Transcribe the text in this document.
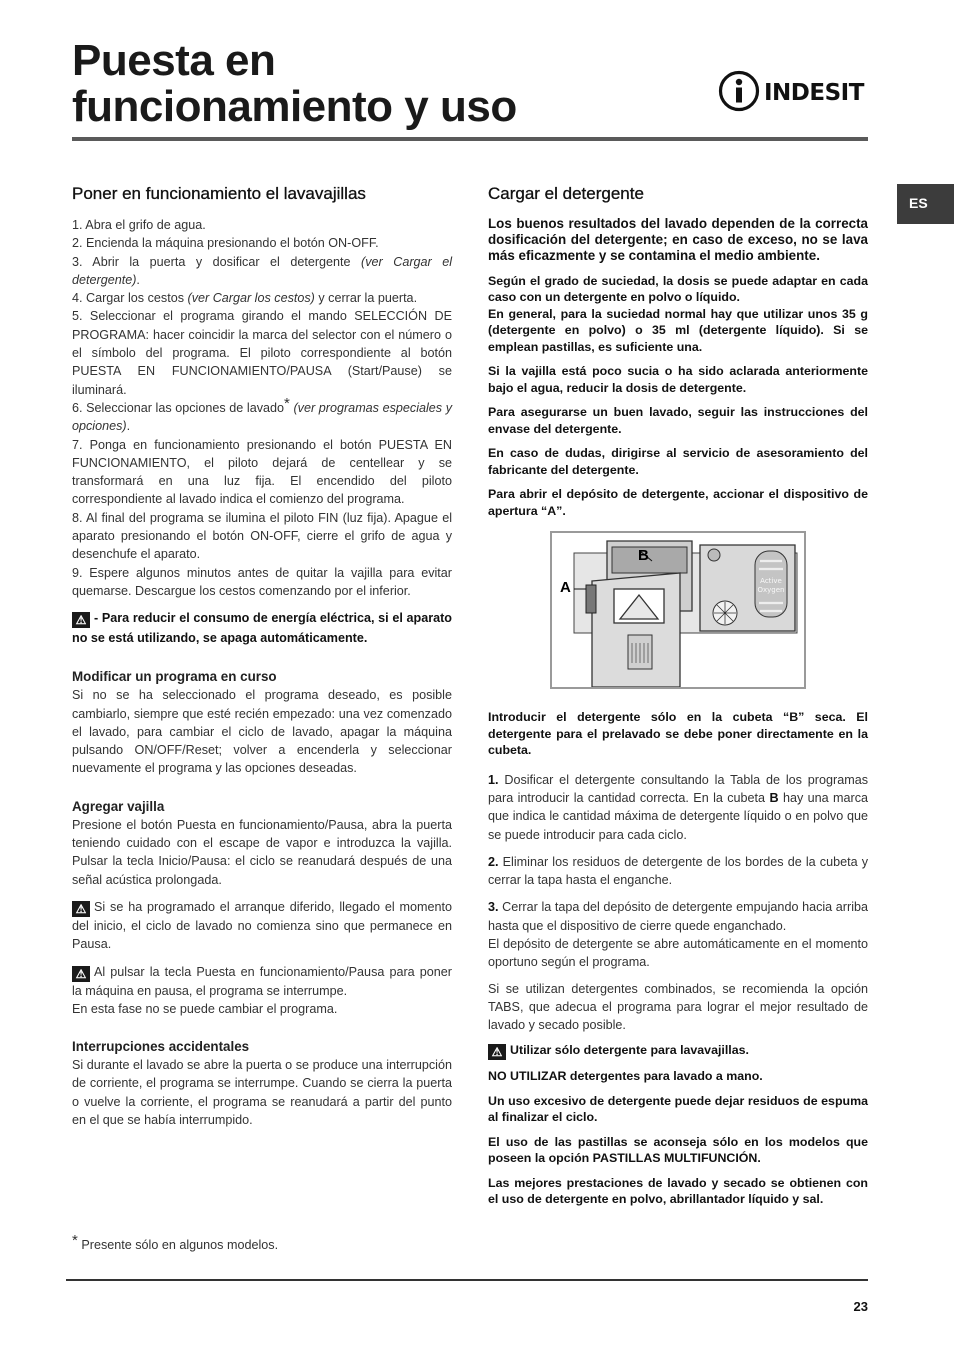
Puesta en
funcionamiento y uso	INDESIT
ES
Poner en funcionamiento el lavavajillas

1. Abra el grifo de agua.

2. Encienda la máquina presionando el botón ON-OFF.

3. Abrir la puerta y dosificar el detergente (ver Cargar el detergente).

4. Cargar los cestos (ver Cargar los cestos) y cerrar la puerta.

5. Seleccionar el programa girando el mando SELECCIÓN DE PROGRAMA: hacer coincidir la marca del selector con el número o el símbolo del programa. El piloto correspondiente al botón PUESTA EN FUNCIONAMIENTO/PAUSA (Start/Pause) se iluminará.

6. Seleccionar las opciones de lavado* (ver programas especiales y opciones).

7. Ponga en funcionamiento presionando el botón PUESTA EN FUNCIONAMIENTO, el piloto dejará de centellear y se transformará en una luz fija. El encendido del piloto correspondiente al lavado indica el comienzo del programa.

8. Al final del programa se ilumina el piloto FIN (luz fija). Apague el aparato presionando el botón ON-OFF, cierre el grifo de agua y desenchufe el aparato.

9. Espere algunos minutos antes de quitar la vajilla para evitar quemarse. Descargue los cestos comenzando por el inferior.

⚠ - Para reducir el consumo de energía eléctrica, si el aparato no se está utilizando, se apaga automáticamente.

Modificar un programa en curso

Si no se ha seleccionado el programa deseado, es posible cambiarlo, siempre que esté recién empezado: una vez comenzado el lavado, para cambiar el ciclo de lavado, apagar la máquina pulsando ON/OFF/Reset; volver a encenderla y seleccionar nuevamente el programa y las opciones deseadas.

Agregar vajilla

Presione el botón Puesta en funcionamiento/Pausa, abra la puerta teniendo cuidado con el escape de vapor e introduzca la vajilla. Pulsar la tecla Inicio/Pausa: el ciclo se reanudará después de una señal acústica prolongada.

⚠ Si se ha programado el arranque diferido, llegado el momento del inicio, el ciclo de lavado no comienza sino que permanece en Pausa.

⚠ Al pulsar la tecla Puesta en funcionamiento/Pausa para poner la máquina en pausa, el programa se interrumpe.

En esta fase no se puede cambiar el programa.

Interrupciones accidentales

Si durante el lavado se abre la puerta o se produce una interrupción de corriente, el programa se interrumpe. Cuando se cierra la puerta o vuelve la corriente, el programa se reanudará a partir del punto en el que se había interrumpido.

* Presente sólo en algunos modelos.
Cargar el detergente

Los buenos resultados del lavado dependen de la correcta dosificación del detergente; en caso de exceso, no se lava más eficazmente y se contamina el medio ambiente.

Según el grado de suciedad, la dosis se puede adaptar en cada caso con un detergente en polvo o líquido.

En general, para la suciedad normal hay que utilizar unos 35 g (detergente en polvo) o 35 ml (detergente líquido). Si se emplean pastillas, es suficiente una.

Si la vajilla está poco sucia o ha sido aclarada anteriormente bajo el agua, reducir la dosis de detergente.

Para asegurarse un buen lavado, seguir las instrucciones del envase del detergente.

En caso de dudas, dirigirse al servicio de asesoramiento del fabricante del detergente.

Para abrir el depósito de detergente, accionar el dispositivo de apertura “A”.

Active
Oxygen
A
B

Introducir el detergente sólo en la cubeta “B” seca. El detergente para el prelavado se debe poner directamente en la cubeta.

1. Dosificar el detergente consultando la Tabla de los programas para introducir la cantidad correcta. En la cubeta B hay una marca que indica le cantidad máxima de detergente líquido o en polvo que se puede introducir para cada ciclo.

2. Eliminar los residuos de detergente de los bordes de la cubeta y cerrar la tapa hasta el enganche.

3. Cerrar la tapa del depósito de detergente empujando hacia arriba hasta que el dispositivo de cierre quede enganchado.

El depósito de detergente se abre automáticamente en el momento oportuno según el programa.

Si se utilizan detergentes combinados, se recomienda la opción TABS, que adecua el programa para lograr el mejor resultado de lavado y secado posible.

⚠ Utilizar sólo detergente para lavavajillas.

NO UTILIZAR detergentes para lavado a mano.

Un uso excesivo de detergente puede dejar residuos de espuma al finalizar el ciclo.

El uso de las pastillas se aconseja sólo en los modelos que poseen la opción PASTILLAS MULTIFUNCIÓN.

Las mejores prestaciones de lavado y secado se obtienen con el uso de detergente en polvo, abrillantador líquido y sal.

23
